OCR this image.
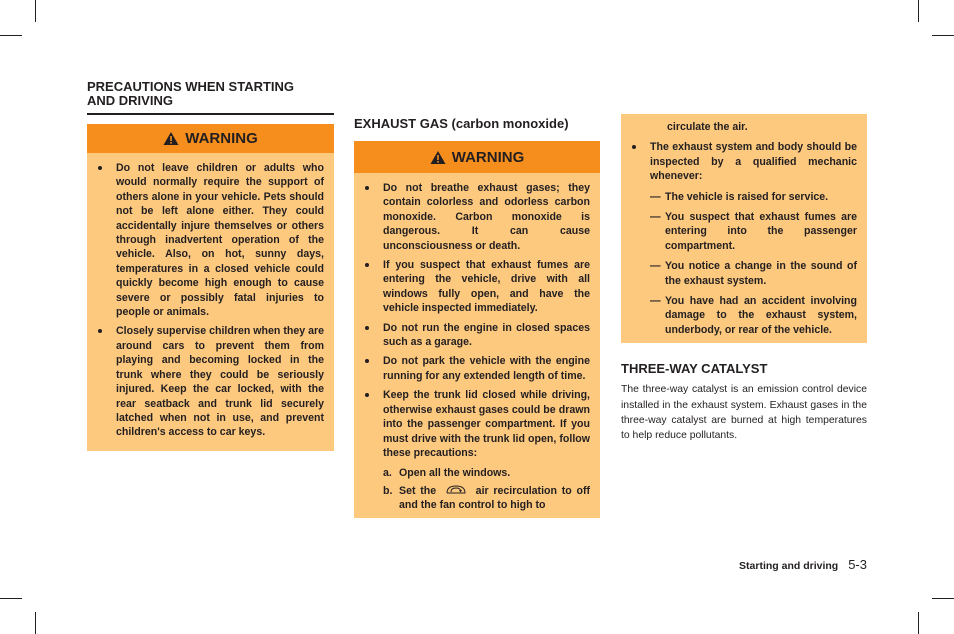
PRECAUTIONS WHEN STARTING
AND DRIVING
WARNING
Do not leave children or adults who would normally require the support of others alone in your vehicle. Pets should not be left alone either. They could accidentally injure themselves or others through inadvertent operation of the vehicle. Also, on hot, sunny days, temperatures in a closed vehicle could quickly become high enough to cause severe or possibly fatal injuries to people or animals.
Closely supervise children when they are around cars to prevent them from playing and becoming locked in the trunk where they could be seriously injured. Keep the car locked, with the rear seatback and trunk lid securely latched when not in use, and prevent children's access to car keys.
EXHAUST GAS (carbon monoxide)
WARNING
Do not breathe exhaust gases; they contain colorless and odorless carbon monoxide. Carbon monoxide is dangerous. It can cause unconsciousness or death.
If you suspect that exhaust fumes are entering the vehicle, drive with all windows fully open, and have the vehicle inspected immediately.
Do not run the engine in closed spaces such as a garage.
Do not park the vehicle with the engine running for any extended length of time.
Keep the trunk lid closed while driving, otherwise exhaust gases could be drawn into the passenger compartment. If you must drive with the trunk lid open, follow these precautions:
a. Open all the windows.
b. Set the	air recirculation to off and the fan control to high to
circulate the air.
The exhaust system and body should be inspected by a qualified mechanic whenever:
— The vehicle is raised for service.
— You suspect that exhaust fumes are entering into the passenger compartment.
— You notice a change in the sound of the exhaust system.
— You have had an accident involving damage to the exhaust system, underbody, or rear of the vehicle.
THREE-WAY CATALYST

The three-way catalyst is an emission control device installed in the exhaust system. Exhaust gases in the three-way catalyst are burned at high temperatures to help reduce pollutants.

Starting and driving 5-3
